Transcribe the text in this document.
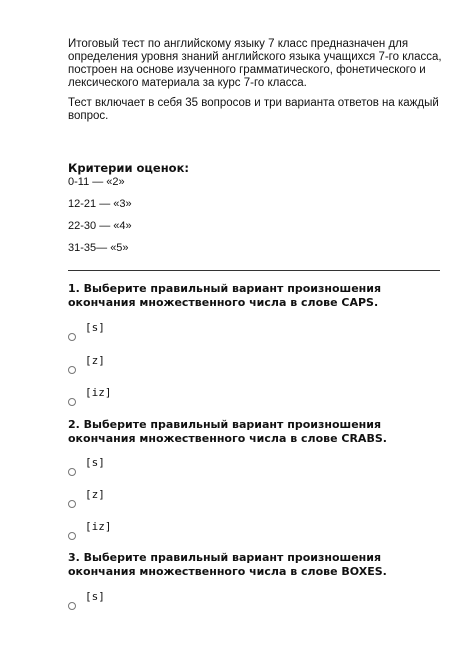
Итоговый тест по английскому языку 7 класс предназначен для определения уровня знаний английского языка учащихся 7-го класса, построен на основе изученного грамматического, фонетического и лексического материала за курс 7-го класса.

Тест включает в себя 35 вопросов и три варианта ответов на каждый вопрос.

Критерии оценок:

0-11 — «2»

12-21 — «3»

22-30 — «4»

31-35— «5»

1. Выберите правильный вариант произношения окончания множественного числа в слове CAPS.

[s]
[z]
[iz]

2. Выберите правильный вариант произношения окончания множественного числа в слове CRABS.

[s]
[z]
[iz]

3. Выберите правильный вариант произношения окончания множественного числа в слове BOXES.

[s]
